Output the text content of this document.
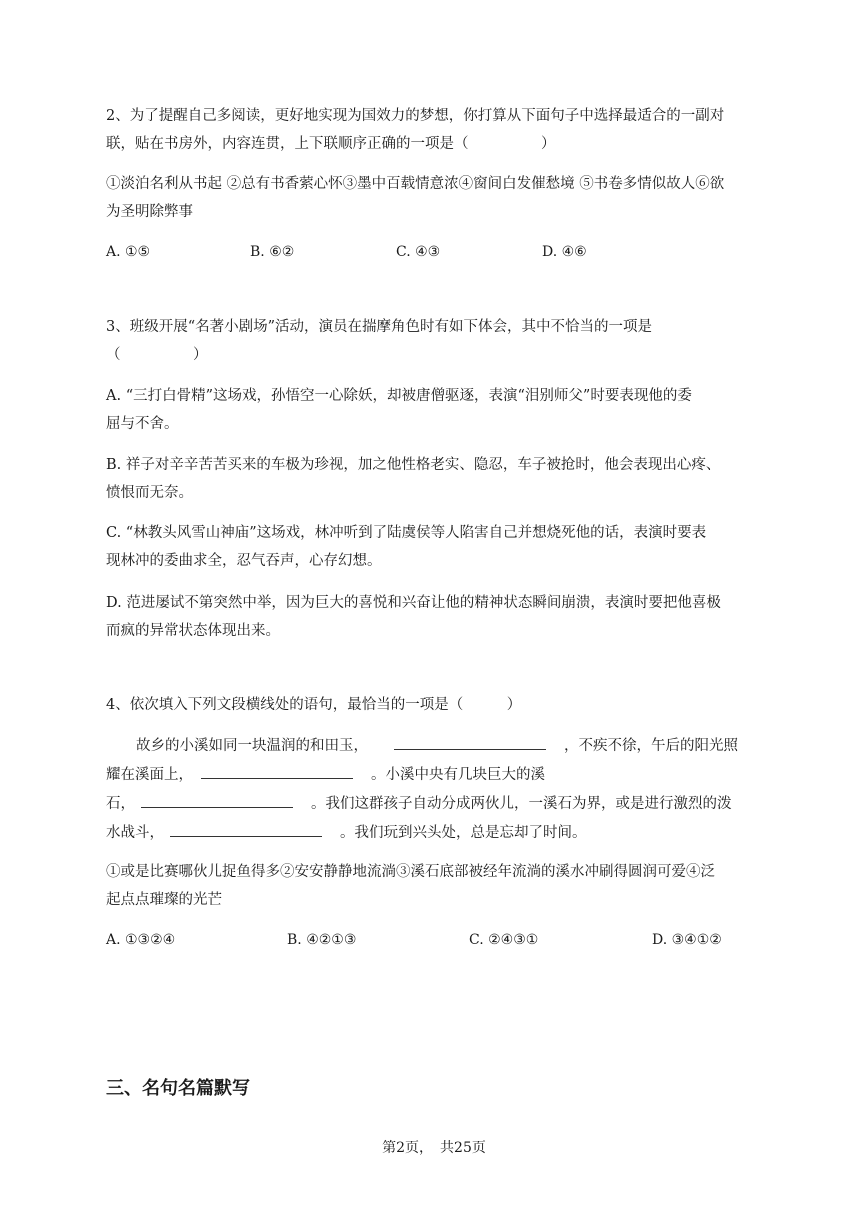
2、为了提醒自己多阅读，更好地实现为国效力的梦想，你打算从下面句子中选择最适合的一副对
联，贴在书房外，内容连贯，上下联顺序正确的一项是（　　　　　）
①淡泊名利从书起 ②总有书香萦心怀③墨中百载情意浓④窗间白发催愁境 ⑤书卷多情似故人⑥欲
为圣明除弊事
A. ①⑤	B. ⑥②	C. ④③	D. ④⑥
3、班级开展“名著小剧场”活动，演员在揣摩角色时有如下体会，其中不恰当的一项是
（　　　　　）
A. “三打白骨精”这场戏，孙悟空一心除妖，却被唐僧驱逐，表演“泪别师父”时要表现他的委
屈与不舍。
B. 祥子对辛辛苦苦买来的车极为珍视，加之他性格老实、隐忍，车子被抢时，他会表现出心疼、
愤恨而无奈。
C. “林教头风雪山神庙”这场戏，林冲听到了陆虞侯等人陷害自己并想烧死他的话，表演时要表
现林冲的委曲求全，忍气吞声，心存幻想。
D. 范进屡试不第突然中举，因为巨大的喜悦和兴奋让他的精神状态瞬间崩溃，表演时要把他喜极
而疯的异常状态体现出来。
4、依次填入下列文段横线处的语句，最恰当的一项是（　　　）
故乡的小溪如同一块温润的和田玉，	，不疾不徐，午后的阳光照
耀在溪面上，	。小溪中央有几块巨大的溪
石，	。我们这群孩子自动分成两伙儿，一溪石为界，或是进行激烈的泼
水战斗，	。我们玩到兴头处，总是忘却了时间。
①或是比赛哪伙儿捉鱼得多②安安静静地流淌③溪石底部被经年流淌的溪水冲刷得圆润可爱④泛
起点点璀璨的光芒
A. ①③②④	B. ④②①③	C. ②④③①	D. ③④①②
三、名句名篇默写
第2页，　共25页
